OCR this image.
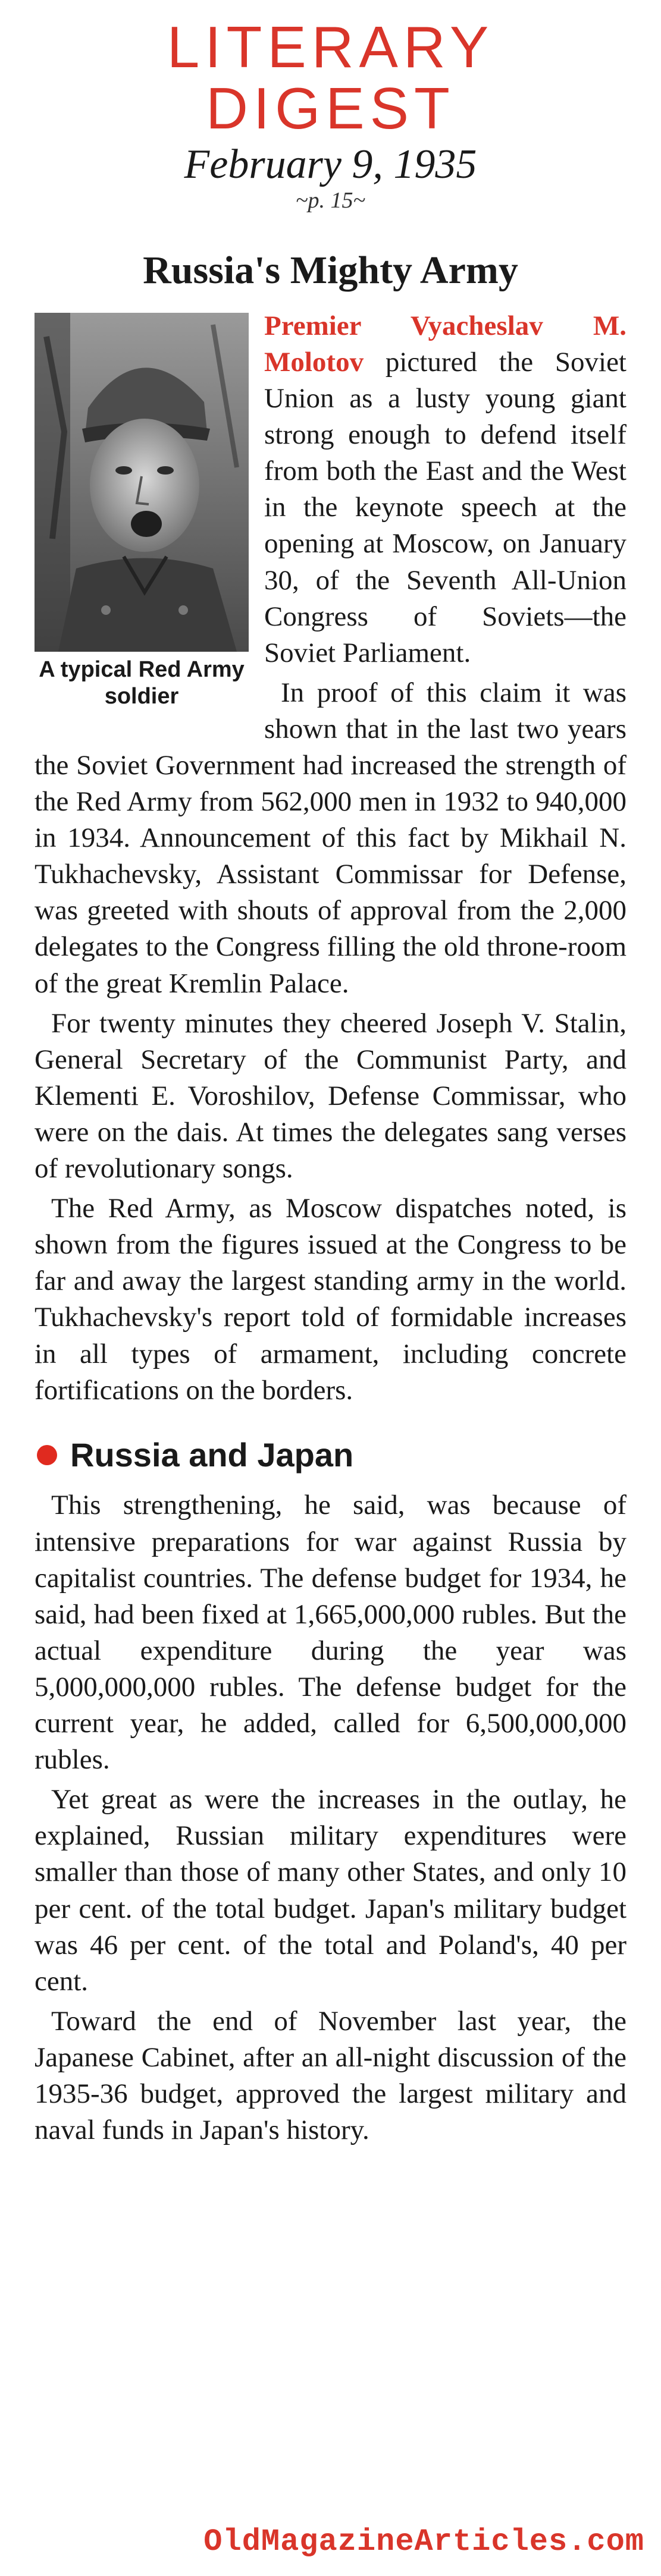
LITERARY DIGEST
February 9, 1935
~p. 15~
Russia's Mighty Army
A typical Red Army soldier

Premier Vyacheslav M. Molotov pictured the Soviet Union as a lusty young giant strong enough to defend itself from both the East and the West in the keynote speech at the opening at Moscow, on January 30, of the Seventh All-Union Congress of Soviets—the Soviet Parliament.

In proof of this claim it was shown that in the last two years the Soviet Government had increased the strength of the Red Army from 562,000 men in 1932 to 940,000 in 1934. Announcement of this fact by Mikhail N. Tukhachevsky, Assistant Commissar for Defense, was greeted with shouts of approval from the 2,000 delegates to the Congress filling the old throne-room of the great Kremlin Palace.

For twenty minutes they cheered Joseph V. Stalin, General Secretary of the Communist Party, and Klementi E. Voroshilov, Defense Commissar, who were on the dais. At times the delegates sang verses of revolutionary songs.

The Red Army, as Moscow dispatches noted, is shown from the figures issued at the Congress to be far and away the largest standing army in the world. Tukhachevsky's report told of formidable increases in all types of armament, including concrete fortifications on the borders.

Russia and Japan

This strengthening, he said, was because of intensive preparations for war against Russia by capitalist countries. The defense budget for 1934, he said, had been fixed at 1,665,000,000 rubles. But the actual expenditure during the year was 5,000,000,000 rubles. The defense budget for the current year, he added, called for 6,500,000,000 rubles.

Yet great as were the increases in the outlay, he explained, Russian military expenditures were smaller than those of many other States, and only 10 per cent. of the total budget. Japan's military budget was 46 per cent. of the total and Poland's, 40 per cent.

Toward the end of November last year, the Japanese Cabinet, after an all-night discussion of the 1935-36 budget, approved the largest military and naval funds in Japan's history.

OldMagazineArticles.com
